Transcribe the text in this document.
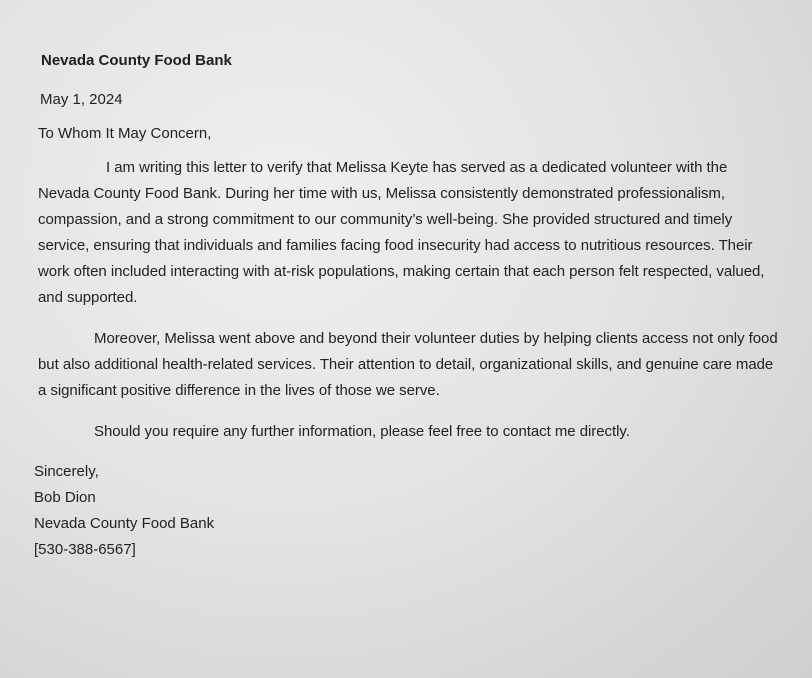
Nevada County Food Bank
May 1, 2024
To Whom It May Concern,

I am writing this letter to verify that Melissa Keyte has served as a dedicated volunteer with the Nevada County Food Bank. During her time with us, Melissa consistently demonstrated professionalism, compassion, and a strong commitment to our community’s well-being. She provided structured and timely service, ensuring that individuals and families facing food insecurity had access to nutritious resources. Their work often included interacting with at-risk populations, making certain that each person felt respected, valued, and supported.

Moreover, Melissa went above and beyond their volunteer duties by helping clients access not only food but also additional health-related services. Their attention to detail, organizational skills, and genuine care made a significant positive difference in the lives of those we serve.

Should you require any further information, please feel free to contact me directly.

Sincerely,
Bob Dion
Nevada County Food Bank
[530-388-6567]
